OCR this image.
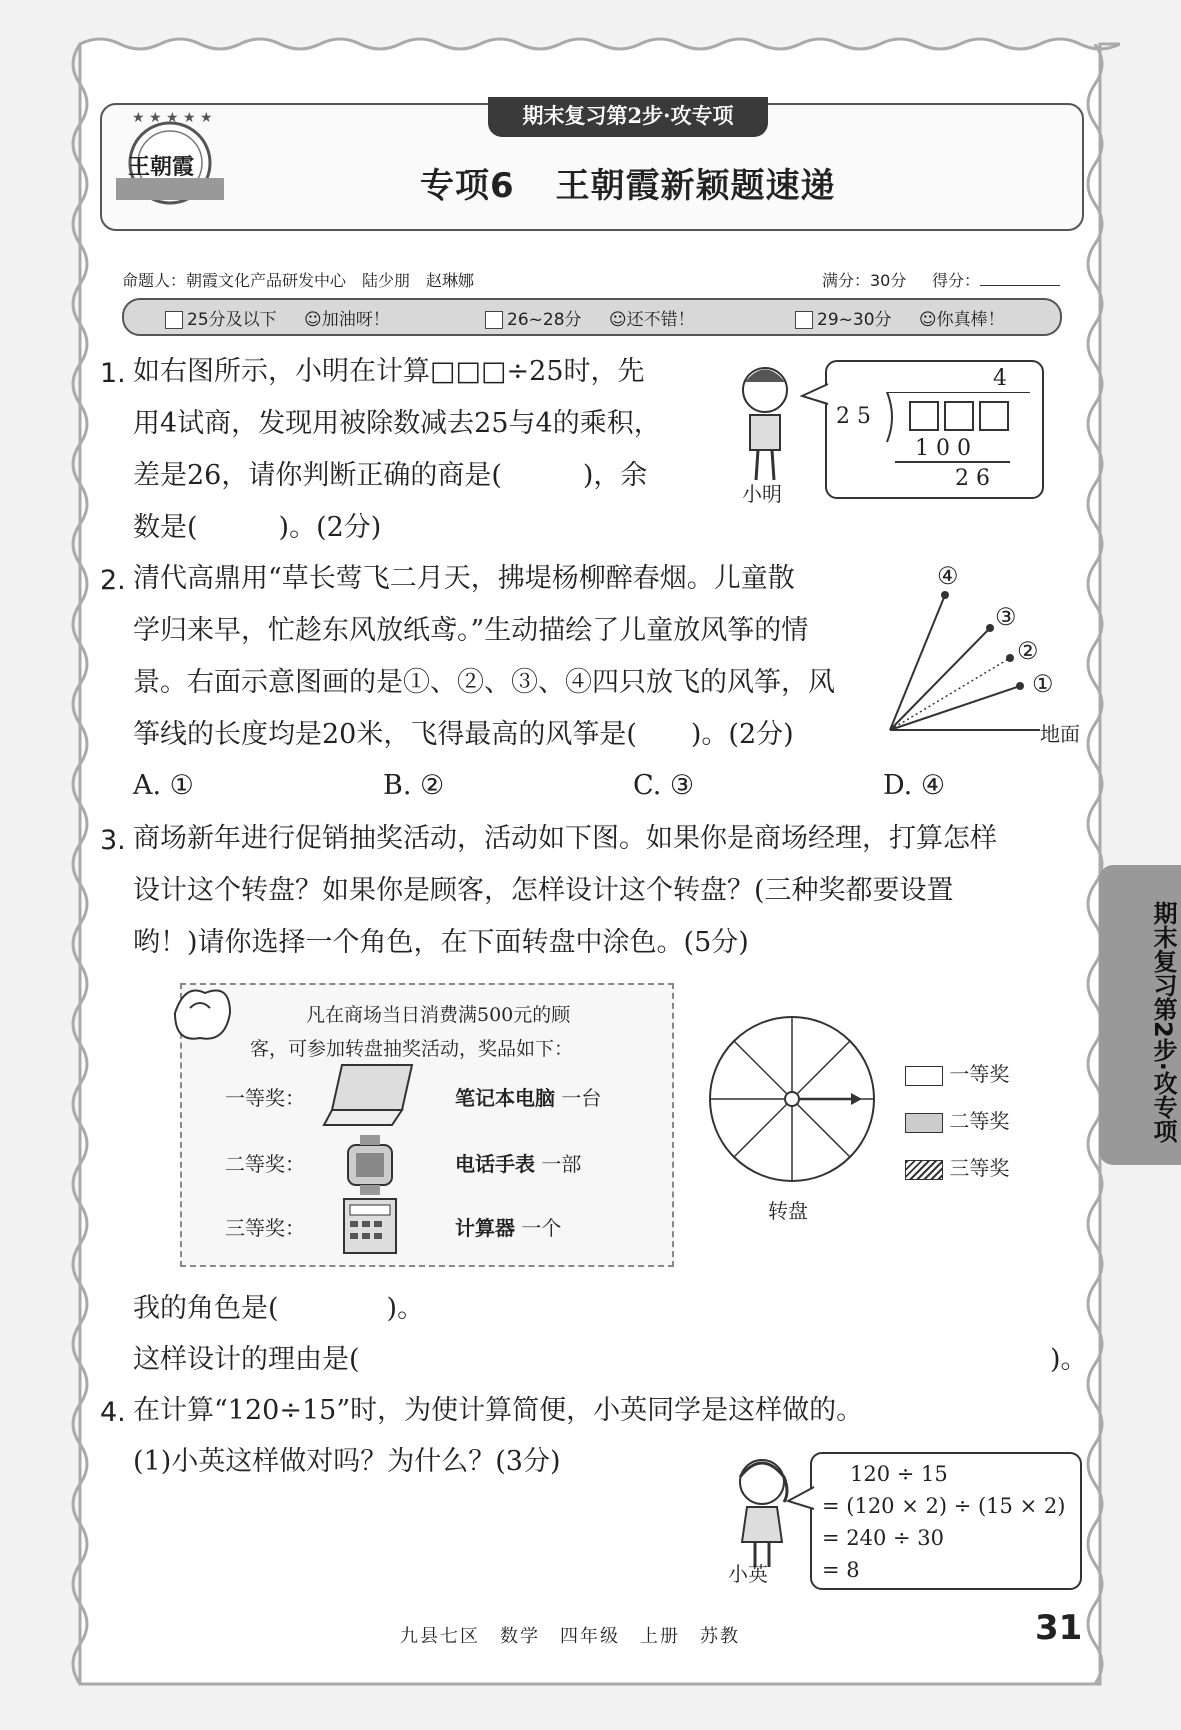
★ ★ ★ ★ ★
王朝霞
期末复习第2步·攻专项
专项6 王朝霞新颖题速递
命题人：朝霞文化产品研发中心　陆少朋　赵琳娜	满分：30分 得分：
25分及以下 ☺加油呀！	26~28分 ☺还不错！	29~30分 ☺你真棒！
1. 如右图所示，小明在计算□□□÷25时，先
用4试商，发现用被除数减去25与4的乘积，
差是26，请你判断正确的商是(　　　)，余
数是(　　　)。(2分)
小明
4
2 5
1 0 0
2 6
2. 清代高鼎用“草长莺飞二月天，拂堤杨柳醉春烟。儿童散
学归来早，忙趁东风放纸鸢。”生动描绘了儿童放风筝的情
景。右面示意图画的是①、②、③、④四只放飞的风筝，风
筝线的长度均是20米，飞得最高的风筝是(　　)。(2分)
④
③
②
①
地面
A. ①	B. ②	C. ③	D. ④
3. 商场新年进行促销抽奖活动，活动如下图。如果你是商场经理，打算怎样
设计这个转盘？如果你是顾客，怎样设计这个转盘？(三种奖都要设置
哟！)请你选择一个角色，在下面转盘中涂色。(5分)
凡在商场当日消费满500元的顾
客，可参加转盘抽奖活动，奖品如下：
一等奖：	笔记本电脑 一台
二等奖：	电话手表 一部
三等奖：	计算器 一个
转盘
一等奖
二等奖
三等奖
我的角色是(　　　　)。
这样设计的理由是(	)。
4. 在计算“120÷15”时，为使计算简便，小英同学是这样做的。
(1)小英这样做对吗？为什么？(3分)
小英
120 ÷ 15
= (120 × 2) ÷ (15 × 2)
= 240 ÷ 30
= 8
期末复习第2步·攻专项
九县七区　数学　四年级　上册　苏教	31
